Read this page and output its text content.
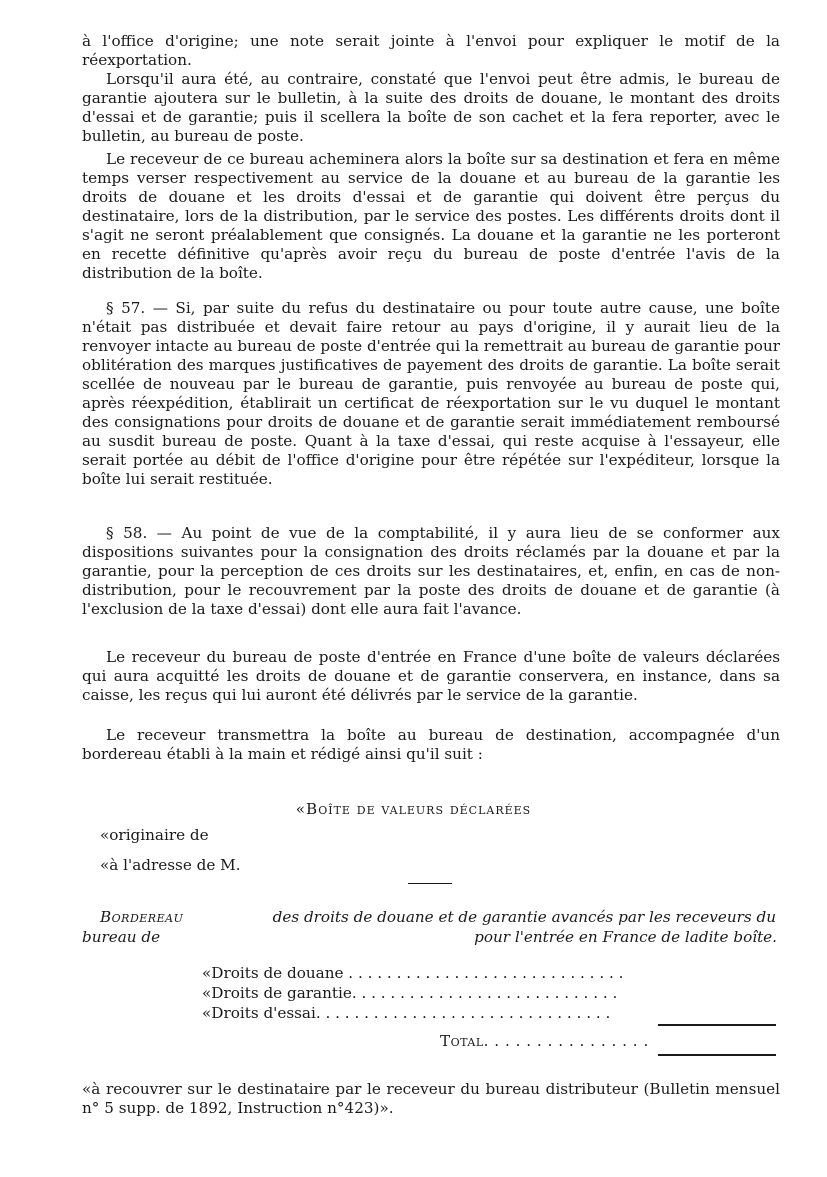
à l'office d'origine; une note serait jointe à l'envoi pour expliquer le motif de la réexportation.

Lorsqu'il aura été, au contraire, constaté que l'envoi peut être admis, le bureau de garantie ajoutera sur le bulletin, à la suite des droits de douane, le montant des droits d'essai et de garantie; puis il scellera la boîte de son cachet et la fera reporter, avec le bulletin, au bureau de poste.

Le receveur de ce bureau acheminera alors la boîte sur sa destination et fera en même temps verser respectivement au service de la douane et au bureau de la garantie les droits de douane et les droits d'essai et de garantie qui doivent être perçus du destinataire, lors de la distribution, par le service des postes. Les différents droits dont il s'agit ne seront préalablement que consignés. La douane et la garantie ne les porteront en recette définitive qu'après avoir reçu du bureau de poste d'entrée l'avis de la distribution de la boîte.

§ 57. — Si, par suite du refus du destinataire ou pour toute autre cause, une boîte n'était pas distribuée et devait faire retour au pays d'origine, il y aurait lieu de la renvoyer intacte au bureau de poste d'entrée qui la remettrait au bureau de garantie pour oblitération des marques justificatives de payement des droits de garantie. La boîte serait scellée de nouveau par le bureau de garantie, puis renvoyée au bureau de poste qui, après réexpédition, établirait un certificat de réexportation sur le vu duquel le montant des consignations pour droits de douane et de garantie serait immédiatement remboursé au susdit bureau de poste. Quant à la taxe d'essai, qui reste acquise à l'essayeur, elle serait portée au débit de l'office d'origine pour être répétée sur l'expéditeur, lorsque la boîte lui serait restituée.

§ 58. — Au point de vue de la comptabilité, il y aura lieu de se conformer aux dispositions suivantes pour la consignation des droits réclamés par la douane et par la garantie, pour la perception de ces droits sur les destinataires, et, enfin, en cas de non-distribution, pour le recouvrement par la poste des droits de douane et de garantie (à l'exclusion de la taxe d'essai) dont elle aura fait l'avance.

Le receveur du bureau de poste d'entrée en France d'une boîte de valeurs déclarées qui aura acquitté les droits de douane et de garantie conservera, en instance, dans sa caisse, les reçus qui lui auront été délivrés par le service de la garantie.

Le receveur transmettra la boîte au bureau de destination, accompagnée d'un bordereau établi à la main et rédigé ainsi qu'il suit :

«Boîte de valeurs déclarées
«originaire de
«à l'adresse de M.
Bordereau	des droits de douane et de garantie avancés par les receveurs du
bureau de	pour l'entrée en France de ladite boîte.
«Droits de douane . . . . . . . . . . . . . . . . . . . . . . . . . . . . .
«Droits de garantie. . . . . . . . . . . . . . . . . . . . . . . . . . . .
«Droits d'essai. . . . . . . . . . . . . . . . . . . . . . . . . . . . . . .
Total. . . . . . . . . . . . . . . .

«à recouvrer sur le destinataire par le receveur du bureau distributeur (Bulletin mensuel n° 5 supp. de 1892, Instruction n°423)».
